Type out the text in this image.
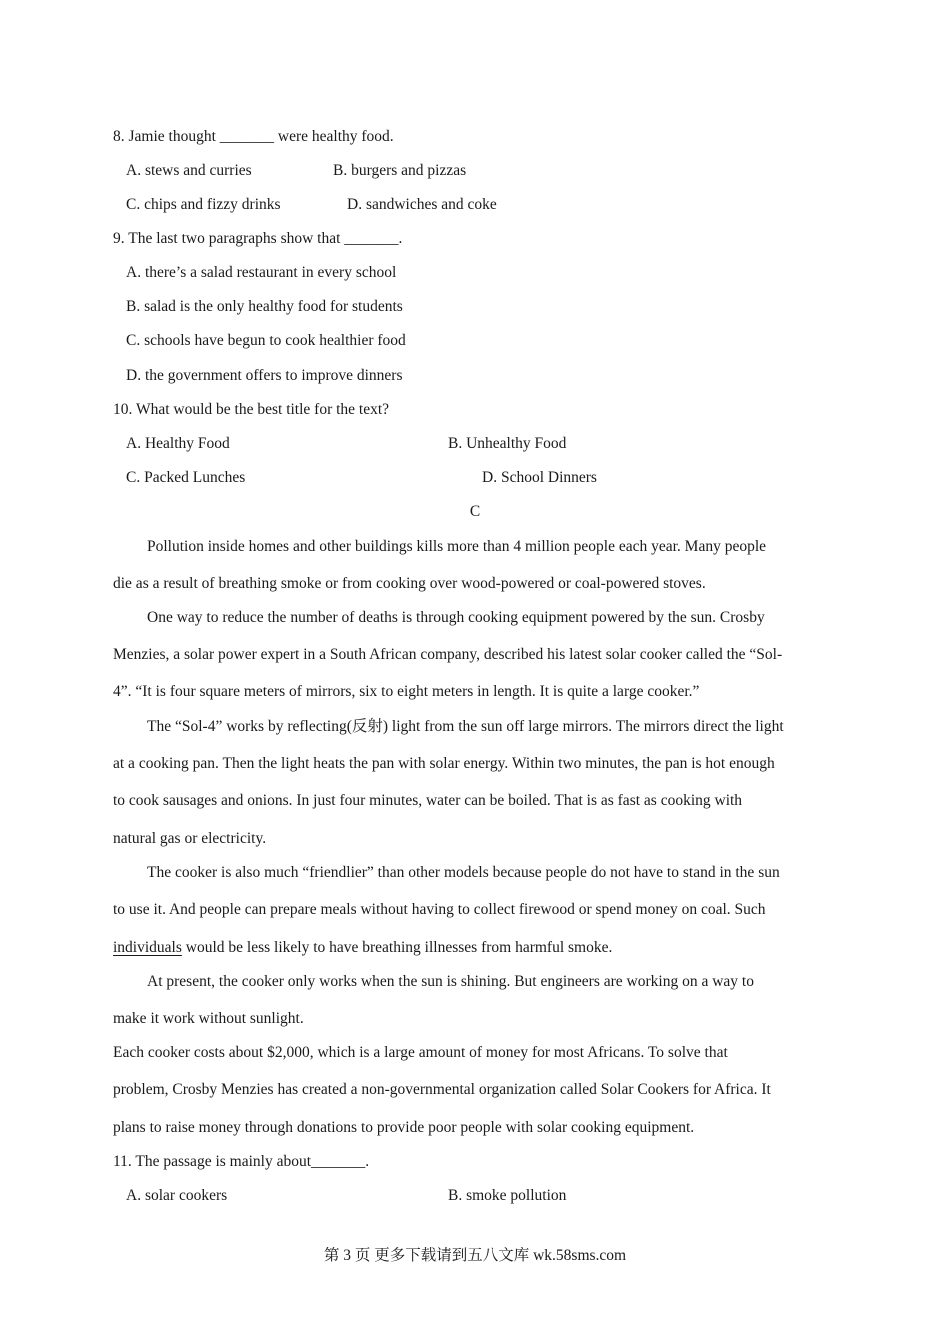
8. Jamie thought _______ were healthy food.
A. stews and curries	B. burgers and pizzas
C. chips and fizzy drinks	D. sandwiches and coke
9. The last two paragraphs show that _______.
A. there’s a salad restaurant in every school
B. salad is the only healthy food for students
C. schools have begun to cook healthier food
D. the government offers to improve dinners
10. What would be the best title for the text?
A. Healthy Food	B. Unhealthy Food
C. Packed Lunches	D. School Dinners
C
Pollution inside homes and other buildings kills more than 4 million people each year. Many people
die as a result of breathing smoke or from cooking over wood-powered or coal-powered stoves.
One way to reduce the number of deaths is through cooking equipment powered by the sun. Crosby
Menzies, a solar power expert in a South African company, described his latest solar cooker called the “Sol-
4”. “It is four square meters of mirrors, six to eight meters in length. It is quite a large cooker.”
The “Sol-4” works by reflecting(反射) light from the sun off large mirrors. The mirrors direct the light
at a cooking pan. Then the light heats the pan with solar energy. Within two minutes, the pan is hot enough
to cook sausages and onions. In just four minutes, water can be boiled. That is as fast as cooking with
natural gas or electricity.
The cooker is also much “friendlier” than other models because people do not have to stand in the sun
to use it. And people can prepare meals without having to collect firewood or spend money on coal. Such
individuals would be less likely to have breathing illnesses from harmful smoke.
At present, the cooker only works when the sun is shining. But engineers are working on a way to
make it work without sunlight.
Each cooker costs about $2,000, which is a large amount of money for most Africans. To solve that
problem, Crosby Menzies has created a non-governmental organization called Solar Cookers for Africa. It
plans to raise money through donations to provide poor people with solar cooking equipment.
11. The passage is mainly about_______.
A. solar cookers	B. smoke pollution
第 3 页 更多下载请到五八文库 wk.58sms.com
